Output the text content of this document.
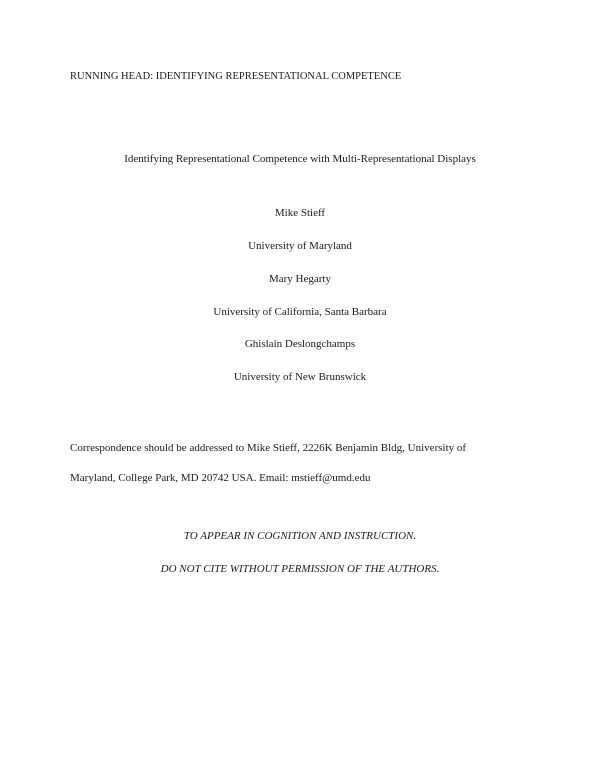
RUNNING HEAD: IDENTIFYING REPRESENTATIONAL COMPETENCE
Identifying Representational Competence with Multi-Representational Displays
Mike Stieff
University of Maryland
Mary Hegarty
University of California, Santa Barbara
Ghislain Deslongchamps
University of New Brunswick
Correspondence should be addressed to Mike Stieff, 2226K Benjamin Bldg, University of
Maryland, College Park, MD 20742 USA. Email: mstieff@umd.edu
TO APPEAR IN COGNITION AND INSTRUCTION.
DO NOT CITE WITHOUT PERMISSION OF THE AUTHORS.
